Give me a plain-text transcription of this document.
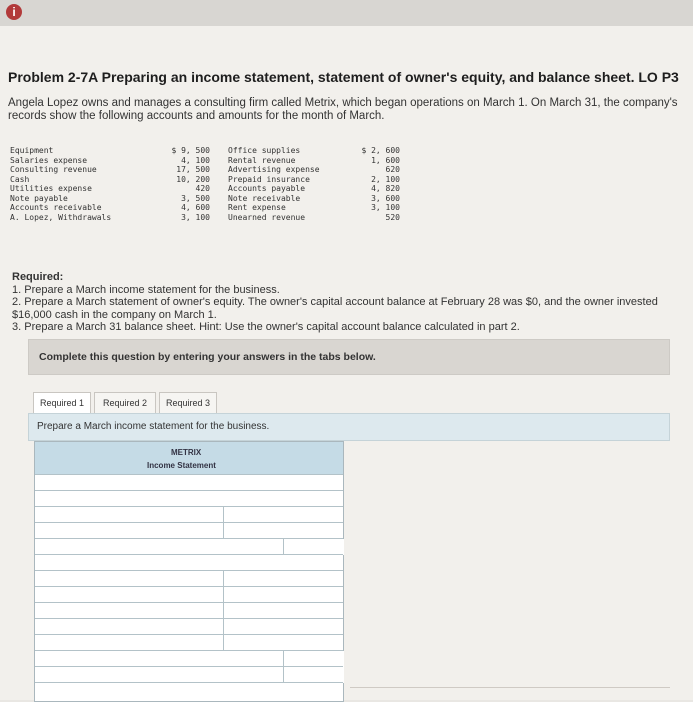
i
Problem 2-7A Preparing an income statement, statement of owner's equity, and balance sheet. LO P3
Angela Lopez owns and manages a consulting firm called Metrix, which began operations on March 1. On March 31, the company's records show the following accounts and amounts for the month of March.
Equipment
Salaries expense
Consulting revenue
Cash
Utilities expense
Note payable
Accounts receivable
A. Lopez, Withdrawals
$ 9, 500
4, 100
17, 500
10, 200
420
3, 500
4, 600
3, 100
Office supplies
Rental revenue
Advertising expense
Prepaid insurance
Accounts payable
Note receivable
Rent expense
Unearned revenue
$ 2, 600
1, 600
620
2, 100
4, 820
3, 600
3, 100
520
Required:
1. Prepare a March income statement for the business.
2. Prepare a March statement of owner's equity. The owner's capital account balance at February 28 was $0, and the owner invested $16,000 cash in the company on March 1.
3. Prepare a March 31 balance sheet. Hint: Use the owner's capital account balance calculated in part 2.
Complete this question by entering your answers in the tabs below.
Required 1	Required 2	Required 3
Prepare a March income statement for the business.
METRIX
Income Statement
